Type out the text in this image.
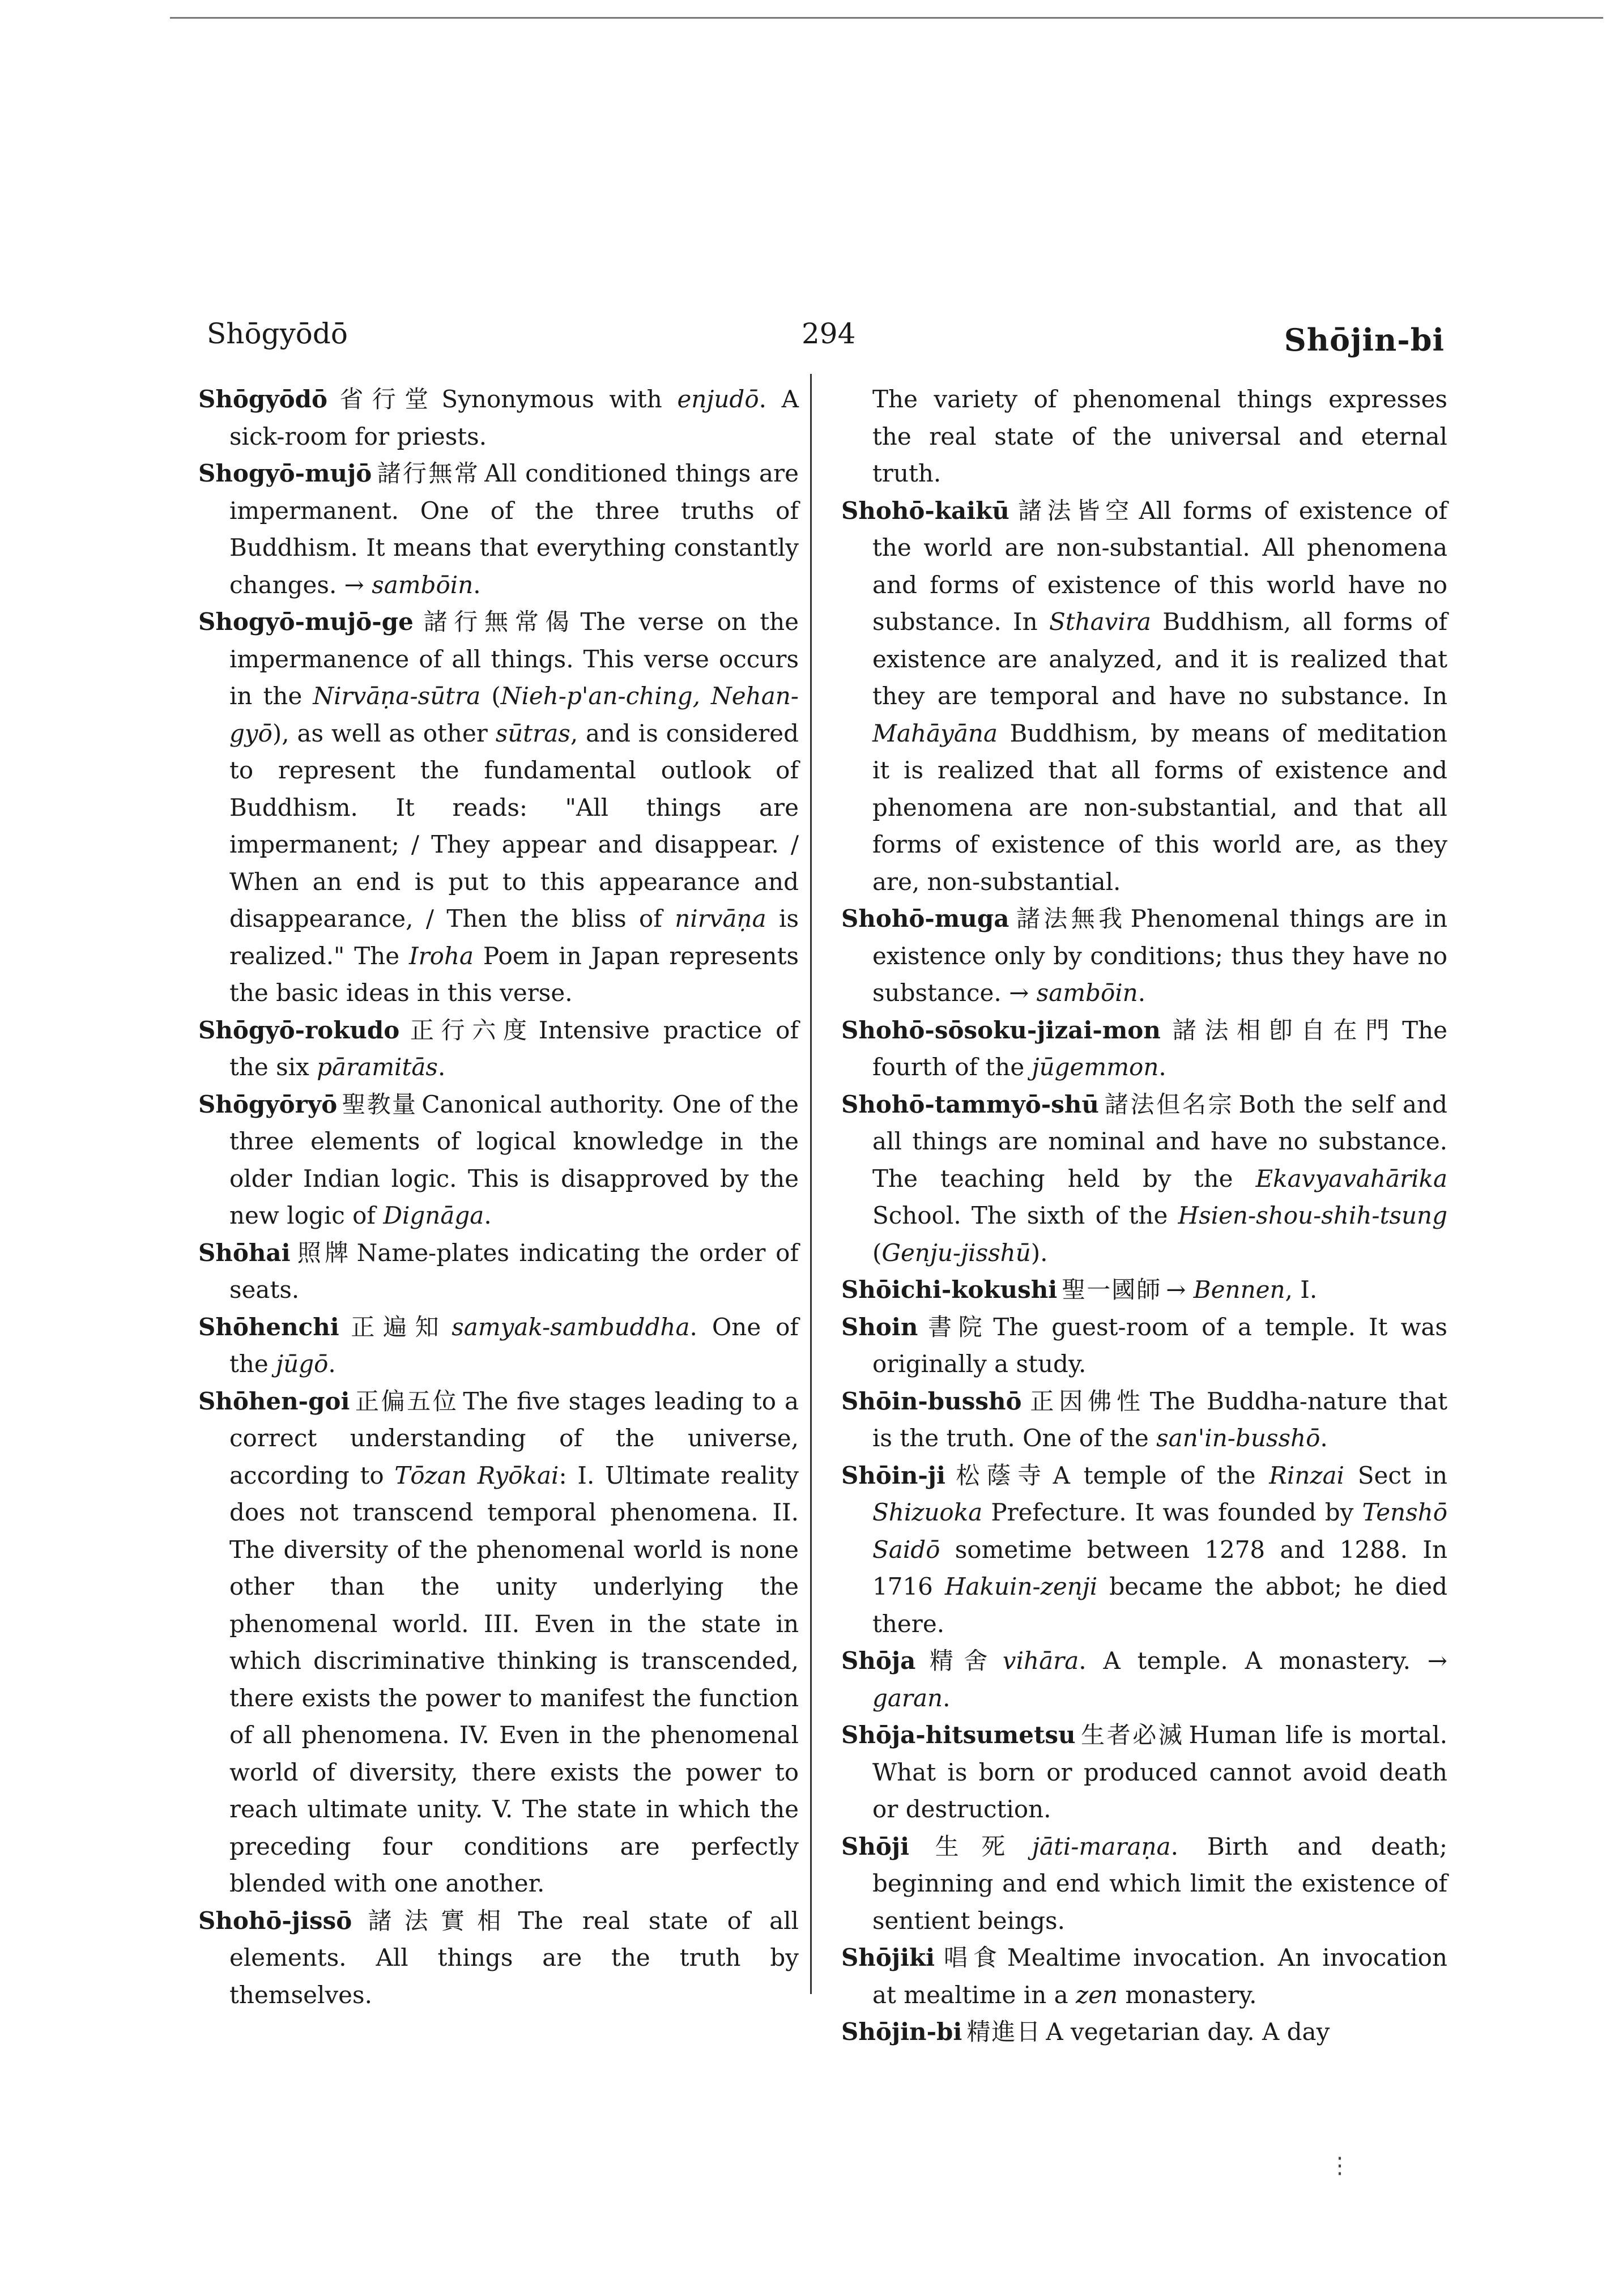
Shōgyōdō	294	Shōjin-bi

Shōgyōdō 省行堂 Synonymous with enjudō. A sick-room for priests.

Shogyō-mujō 諸行無常 All conditioned things are impermanent. One of the three truths of Buddhism. It means that everything constantly changes. → sambōin.

Shogyō-mujō-ge 諸行無常偈 The verse on the impermanence of all things. This verse occurs in the Nirvāṇa-sūtra (Nieh-p'an-ching, Nehan-gyō), as well as other sūtras, and is considered to represent the fundamental outlook of Buddhism. It reads: "All things are impermanent; / They appear and disappear. / When an end is put to this appearance and disappearance, / Then the bliss of nirvāṇa is realized." The Iroha Poem in Japan represents the basic ideas in this verse.

Shōgyō-rokudo 正行六度 Intensive practice of the six pāramitās.

Shōgyōryō 聖教量 Canonical authority. One of the three elements of logical knowledge in the older Indian logic. This is disapproved by the new logic of Dignāga.

Shōhai 照牌 Name-plates indicating the order of seats.

Shōhenchi 正遍知 samyak-sambuddha. One of the jūgō.

Shōhen-goi 正偏五位 The five stages leading to a correct understanding of the universe, according to Tōzan Ryōkai: I. Ultimate reality does not transcend temporal phenomena. II. The diversity of the phenomenal world is none other than the unity underlying the phenomenal world. III. Even in the state in which discriminative thinking is transcended, there exists the power to manifest the function of all phenomena. IV. Even in the phenomenal world of diversity, there exists the power to reach ultimate unity. V. The state in which the preceding four conditions are perfectly blended with one another.

Shohō-jissō 諸法實相 The real state of all elements. All things are the truth by themselves.

The variety of phenomenal things expresses the real state of the universal and eternal truth.

Shohō-kaikū 諸法皆空 All forms of existence of the world are non-substantial. All phenomena and forms of existence of this world have no substance. In Sthavira Buddhism, all forms of existence are analyzed, and it is realized that they are temporal and have no substance. In Mahāyāna Buddhism, by means of meditation it is realized that all forms of existence and phenomena are non-substantial, and that all forms of existence of this world are, as they are, non-substantial.

Shohō-muga 諸法無我 Phenomenal things are in existence only by conditions; thus they have no substance. → sambōin.

Shohō-sōsoku-jizai-mon 諸法相卽自在門 The fourth of the jūgemmon.

Shohō-tammyō-shū 諸法但名宗 Both the self and all things are nominal and have no substance. The teaching held by the Ekavyavahārika School. The sixth of the Hsien-shou-shih-tsung (Genju-jisshū).

Shōichi-kokushi 聖一國師 → Bennen, I.

Shoin 書院 The guest-room of a temple. It was originally a study.

Shōin-busshō 正因佛性 The Buddha-nature that is the truth. One of the san'in-busshō.

Shōin-ji 松蔭寺 A temple of the Rinzai Sect in Shizuoka Prefecture. It was founded by Tenshō Saidō sometime between 1278 and 1288. In 1716 Hakuin-zenji became the abbot; he died there.

Shōja 精舍 vihāra. A temple. A monastery. → garan.

Shōja-hitsumetsu 生者必滅 Human life is mortal. What is born or produced cannot avoid death or destruction.

Shōji 生死 jāti-maraṇa. Birth and death; beginning and end which limit the existence of sentient beings.

Shōjiki 唱食 Mealtime invocation. An invocation at mealtime in a zen monastery.

Shōjin-bi 精進日 A vegetarian day. A day

⋮
